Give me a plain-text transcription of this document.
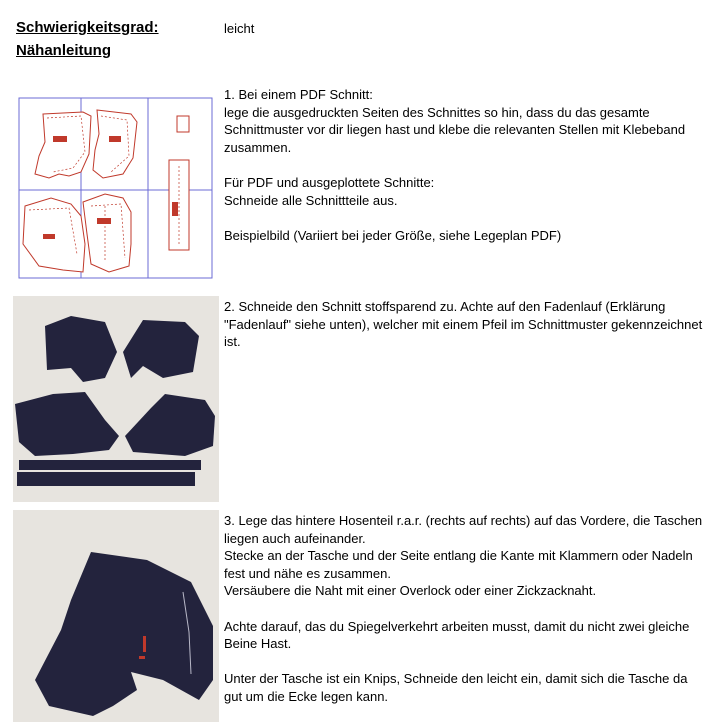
Schwierigkeitsgrad:	leicht
Nähanleitung

1. Bei einem PDF Schnitt:

lege die ausgedruckten Seiten des Schnittes so hin, dass du das gesamte Schnittmuster vor dir liegen hast und klebe die relevanten Stellen mit Klebeband zusammen.

Für PDF und ausgeplottete Schnitte:

Schneide alle Schnittteile aus.

Beispielbild (Variiert bei jeder Größe, siehe Legeplan PDF)

2. Schneide den Schnitt stoffsparend zu. Achte auf den Fadenlauf (Erklärung "Fadenlauf" siehe unten), welcher mit einem Pfeil im Schnittmuster gekennzeichnet ist.

3. Lege das hintere Hosenteil r.a.r. (rechts auf rechts) auf das Vordere, die Taschen liegen auch aufeinander.

Stecke an der Tasche und der Seite entlang die Kante mit Klammern oder Nadeln fest und nähe es zusammen.

Versäubere die Naht mit einer Overlock oder einer Zickzacknaht.

Achte darauf, das du Spiegelverkehrt arbeiten musst, damit du nicht zwei gleiche Beine Hast.

Unter der Tasche ist ein Knips, Schneide den leicht ein, damit sich die Tasche da gut um die Ecke legen kann.
